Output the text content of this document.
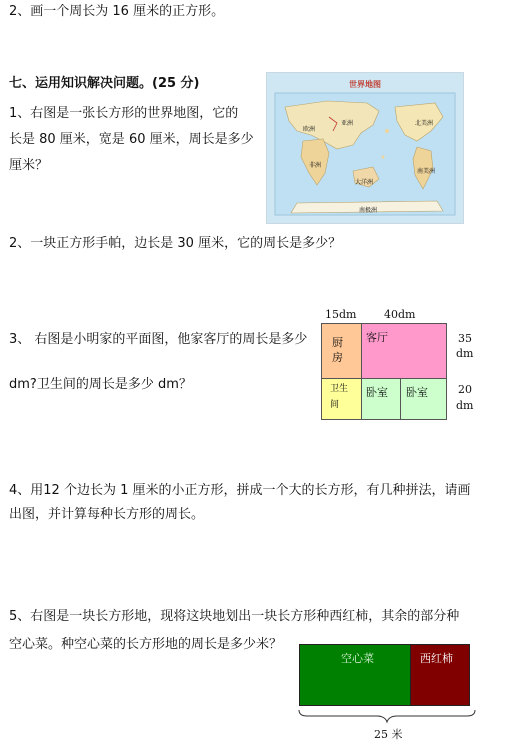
2、画一个周长为 16 厘米的正方形。
七、运用知识解决问题。(25 分)
1、右图是一张长方形的世界地图，它的
长是 80 厘米，宽是 60 厘米，周长是多少
厘米？
世界地图
亚洲
欧洲
非洲
北美洲
南美洲
大洋洲
南极洲
2、一块正方形手帕，边长是 30 厘米，它的周长是多少？
3、 右图是小明家的平面图，他家客厅的周长是多少
dm?卫生间的周长是多少 dm？
15dm	40dm
35
dm
20
dm
厨
房
客厅
卫生
间
卧室 卧室
4、用12 个边长为 1 厘米的小正方形，拼成一个大的长方形，有几种拼法，请画
出图，并计算每种长方形的周长。
5、右图是一块长方形地，现将这块地划出一块长方形种西红柿，其余的部分种
空心菜。种空心菜的长方形地的周长是多少米？
空心菜	西红柿
25 米
